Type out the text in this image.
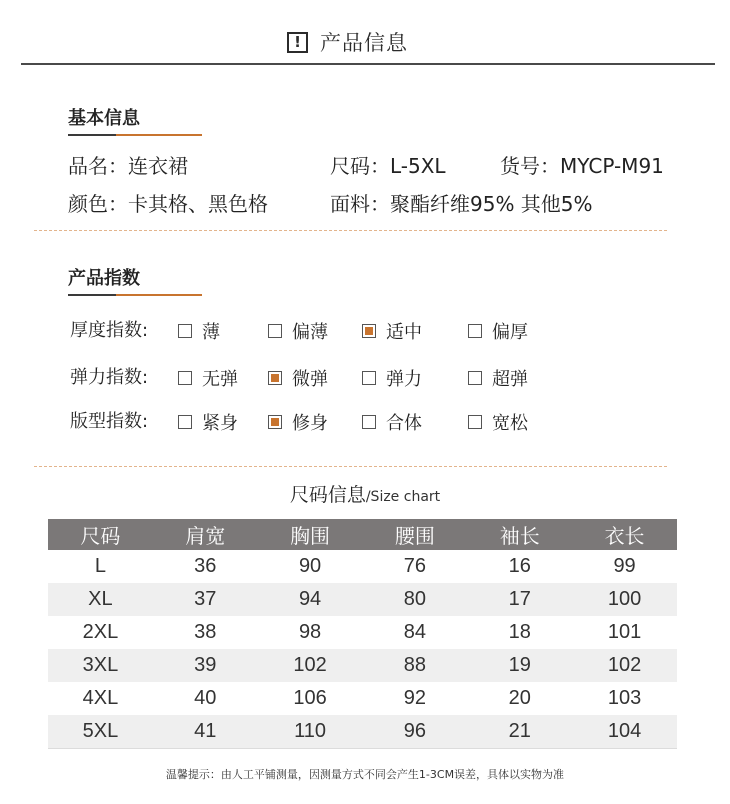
! 产品信息
基本信息
品名：连衣裙	尺码：L-5XL	货号：MYCP-M91
颜色：卡其格、黑色格	面料：聚酯纤维95% 其他5%
产品指数
厚度指数:	薄	偏薄	适中	偏厚
弹力指数:	无弹	微弹	弹力	超弹
版型指数:	紧身	修身	合体	宽松
尺码信息/Size chart
尺码	肩宽	胸围	腰围	袖长	衣长
L	36	90	76	16	99
XL	37	94	80	17	100
2XL	38	98	84	18	101
3XL	39	102	88	19	102
4XL	40	106	92	20	103
5XL	41	110	96	21	104
温馨提示：由人工平铺测量，因测量方式不同会产生1-3CM误差，具体以实物为准
